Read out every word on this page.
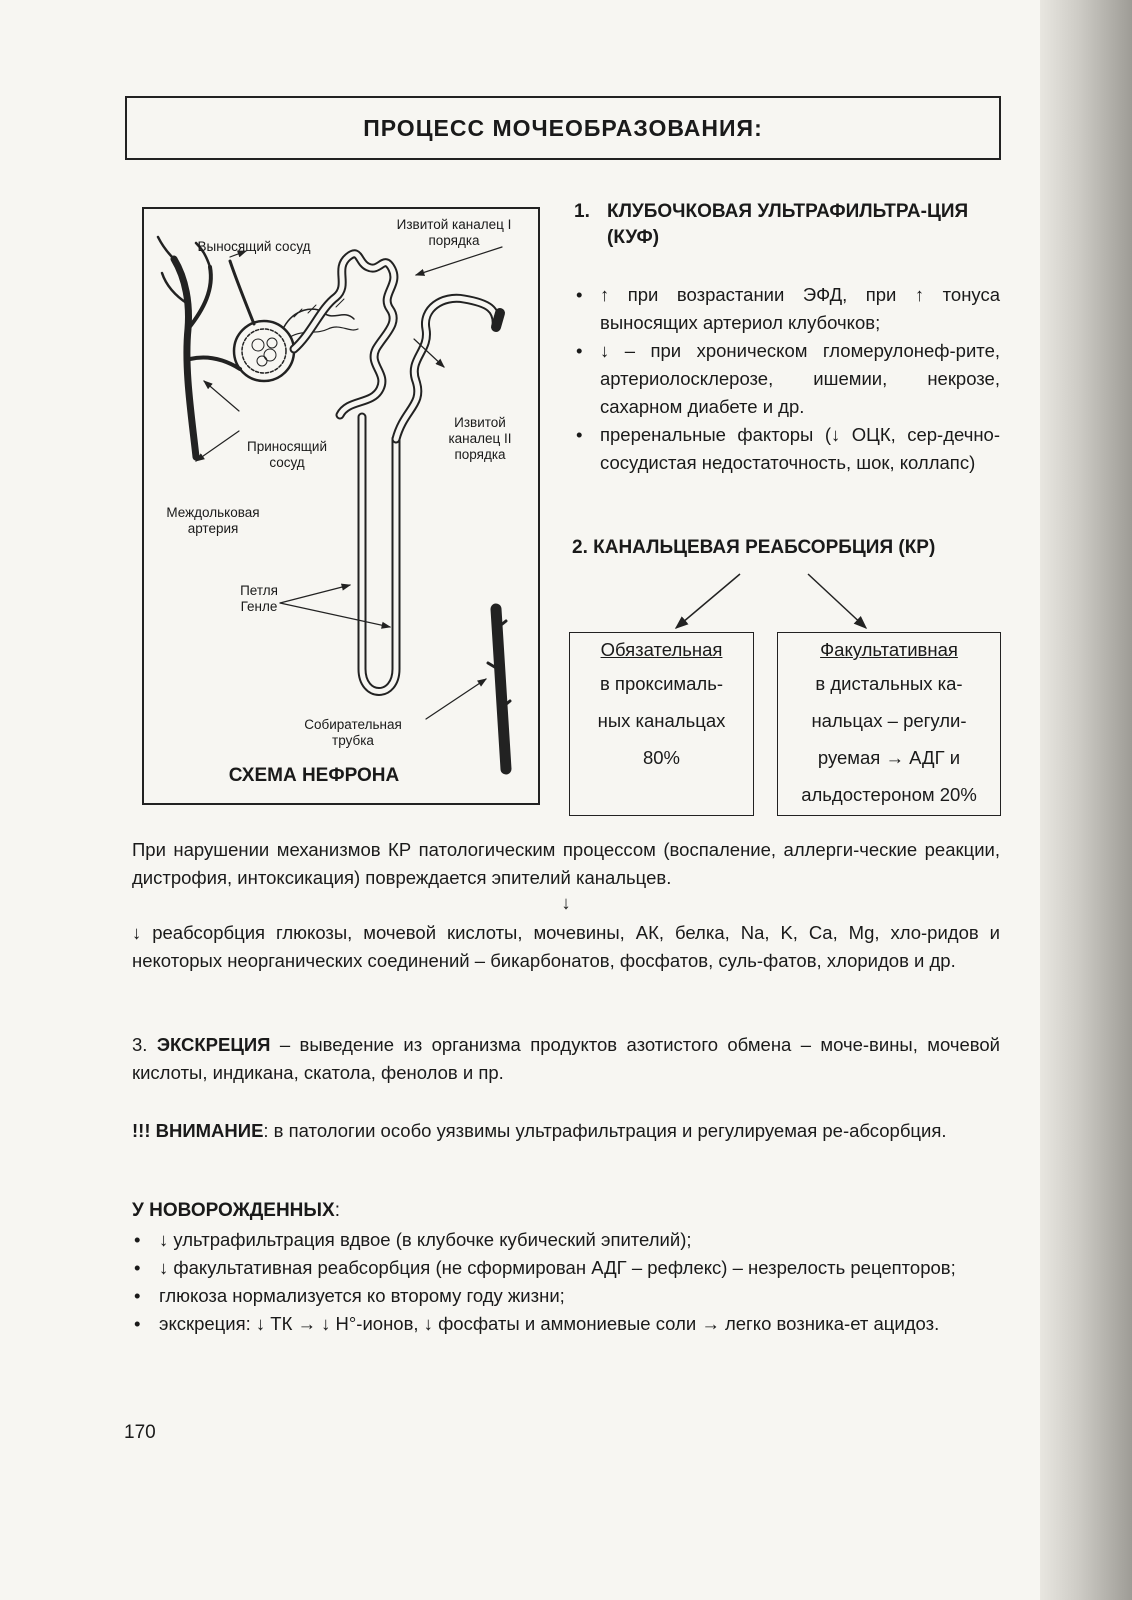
ПРОЦЕСС МОЧЕОБРАЗОВАНИЯ:
Выносящий сосуд
Извитой каналец I порядка
Приносящий сосуд
Извитой каналец II порядка
Междольковая артерия
Петля Генле
Собирательная трубка
СХЕМА НЕФРОНА
1. КЛУБОЧКОВАЯ УЛЬТРАФИЛЬТРА-ЦИЯ (КУФ)
• ↑ при возрастании ЭФД, при ↑ тонуса выносящих артериол клубочков;
• ↓ – при хроническом гломерулонеф-рите, артериолосклерозе, ишемии, некрозе, сахарном диабете и др.
• преренальные факторы (↓ ОЦК, сер-дечно-сосудистая недостаточность, шок, коллапс)
2. КАНАЛЬЦЕВАЯ РЕАБСОРБЦИЯ (КР)
Обязательная
в проксималь-
ных канальцах
80%
Факультативная
в дистальных ка-
нальцах – регули-
руемая → АДГ и
альдостероном 20%
При нарушении механизмов КР патологическим процессом (воспаление, аллерги-ческие реакции, дистрофия, интоксикация) повреждается эпителий канальцев.
↓
↓ реабсорбция глюкозы, мочевой кислоты, мочевины, АК, белка, Na, K, Ca, Mg, хло-ридов и некоторых неорганических соединений – бикарбонатов, фосфатов, суль-фатов, хлоридов и др.
3. ЭКСКРЕЦИЯ – выведение из организма продуктов азотистого обмена – моче-вины, мочевой кислоты, индикана, скатола, фенолов и пр.
!!! ВНИМАНИЕ: в патологии особо уязвимы ультрафильтрация и регулируемая ре-абсорбция.
У НОВОРОЖДЕННЫХ:
• ↓ ультрафильтрация вдвое (в клубочке кубический эпителий);
• ↓ факультативная реабсорбция (не сформирован АДГ – рефлекс) – незрелость рецепторов;
• глюкоза нормализуется ко второму году жизни;
• экскреция: ↓ ТК → ↓ Н°-ионов, ↓ фосфаты и аммониевые соли → легко возника-ет ацидоз.
170
